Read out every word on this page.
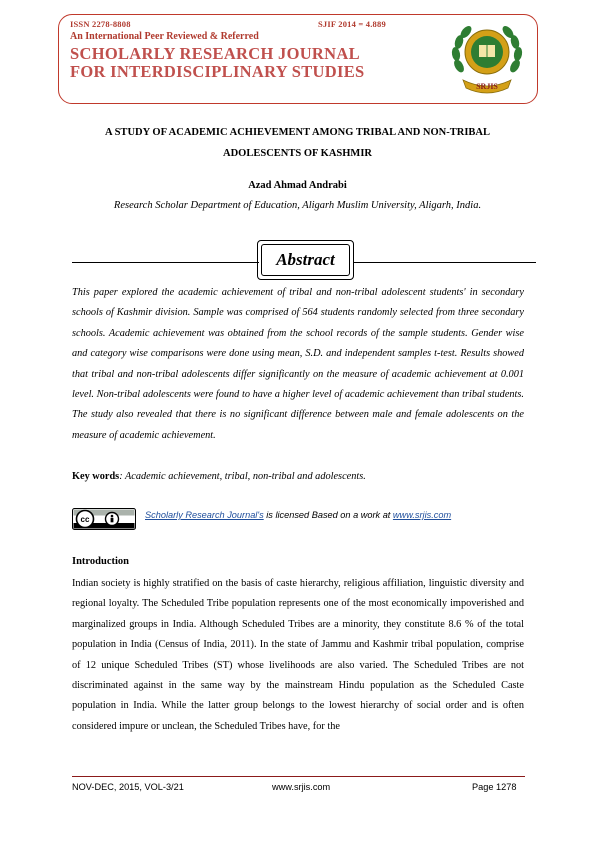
ISSN 2278-8808	SJIF 2014 = 4.889
An International Peer Reviewed & Referred
SCHOLARLY RESEARCH JOURNAL
FOR INTERDISCIPLINARY STUDIES
SRJIS
A STUDY OF ACADEMIC ACHIEVEMENT AMONG TRIBAL AND NON-TRIBAL
ADOLESCENTS OF KASHMIR
Azad Ahmad Andrabi
Research Scholar Department of Education, Aligarh Muslim University, Aligarh, India.
Abstract
This paper explored the academic achievement of tribal and non-tribal adolescent students' in secondary schools of Kashmir division. Sample was comprised of 564 students randomly selected from three secondary schools. Academic achievement was obtained from the school records of the sample students. Gender wise and category wise comparisons were done using mean, S.D. and independent samples t-test. Results showed that tribal and non-tribal adolescents differ significantly on the measure of academic achievement at 0.001 level. Non-tribal adolescents were found to have a higher level of academic achievement than tribal students. The study also revealed that there is no significant difference between male and female adolescents on the measure of academic achievement.
Key words: Academic achievement, tribal, non-tribal and adolescents.
cc	Scholarly Research Journal's is licensed Based on a work at www.srjis.com
Introduction
Indian society is highly stratified on the basis of caste hierarchy, religious affiliation, linguistic diversity and regional loyalty. The Scheduled Tribe population represents one of the most economically impoverished and marginalized groups in India. Although Scheduled Tribes are a minority, they constitute 8.6 % of the total population in India (Census of India, 2011). In the state of Jammu and Kashmir tribal population, comprise of 12 unique Scheduled Tribes (ST) whose livelihoods are also varied. The Scheduled Tribes are not discriminated against in the same way by the mainstream Hindu population as the Scheduled Caste population in India. While the latter group belongs to the lowest hierarchy of social order and is often considered impure or unclean, the Scheduled Tribes have, for the
NOV-DEC, 2015, VOL-3/21	www.srjis.com	Page 1278
